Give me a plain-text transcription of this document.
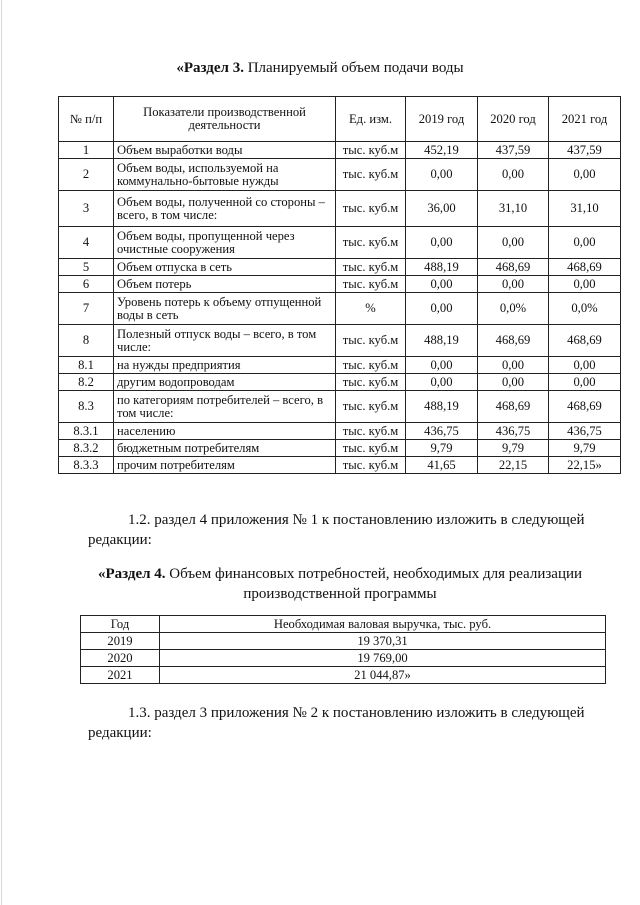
«Раздел 3. Планируемый объем подачи воды
№ п/п	Показатели производственной деятельности	Ед. изм.	2019 год	2020 год	2021 год
1	Объем выработки воды	тыс. куб.м	452,19	437,59	437,59
2	Объем воды, используемой на коммунально-бытовые нужды	тыс. куб.м	0,00	0,00	0,00
3	Объем воды, полученной со стороны – всего, в том числе:	тыс. куб.м	36,00	31,10	31,10
4	Объем воды, пропущенной через очистные сооружения	тыс. куб.м	0,00	0,00	0,00
5	Объем отпуска в сеть	тыс. куб.м	488,19	468,69	468,69
6	Объем потерь	тыс. куб.м	0,00	0,00	0,00
7	Уровень потерь к объему отпущенной воды в сеть	%	0,00	0,0%	0,0%
8	Полезный отпуск воды – всего, в том числе:	тыс. куб.м	488,19	468,69	468,69
8.1	на нужды предприятия	тыс. куб.м	0,00	0,00	0,00
8.2	другим водопроводам	тыс. куб.м	0,00	0,00	0,00
8.3	по категориям потребителей – всего, в том числе:	тыс. куб.м	488,19	468,69	468,69
8.3.1	населению	тыс. куб.м	436,75	436,75	436,75
8.3.2	бюджетным потребителям	тыс. куб.м	9,79	9,79	9,79
8.3.3	прочим потребителям	тыс. куб.м	41,65	22,15	22,15»
1.2. раздел 4 приложения № 1 к постановлению изложить в следующей редакции:
«Раздел 4. Объем финансовых потребностей, необходимых для реализации производственной программы
Год	Необходимая валовая выручка, тыс. руб.
2019	19 370,31
2020	19 769,00
2021	21 044,87»
1.3. раздел 3 приложения № 2 к постановлению изложить в следующей редакции:
